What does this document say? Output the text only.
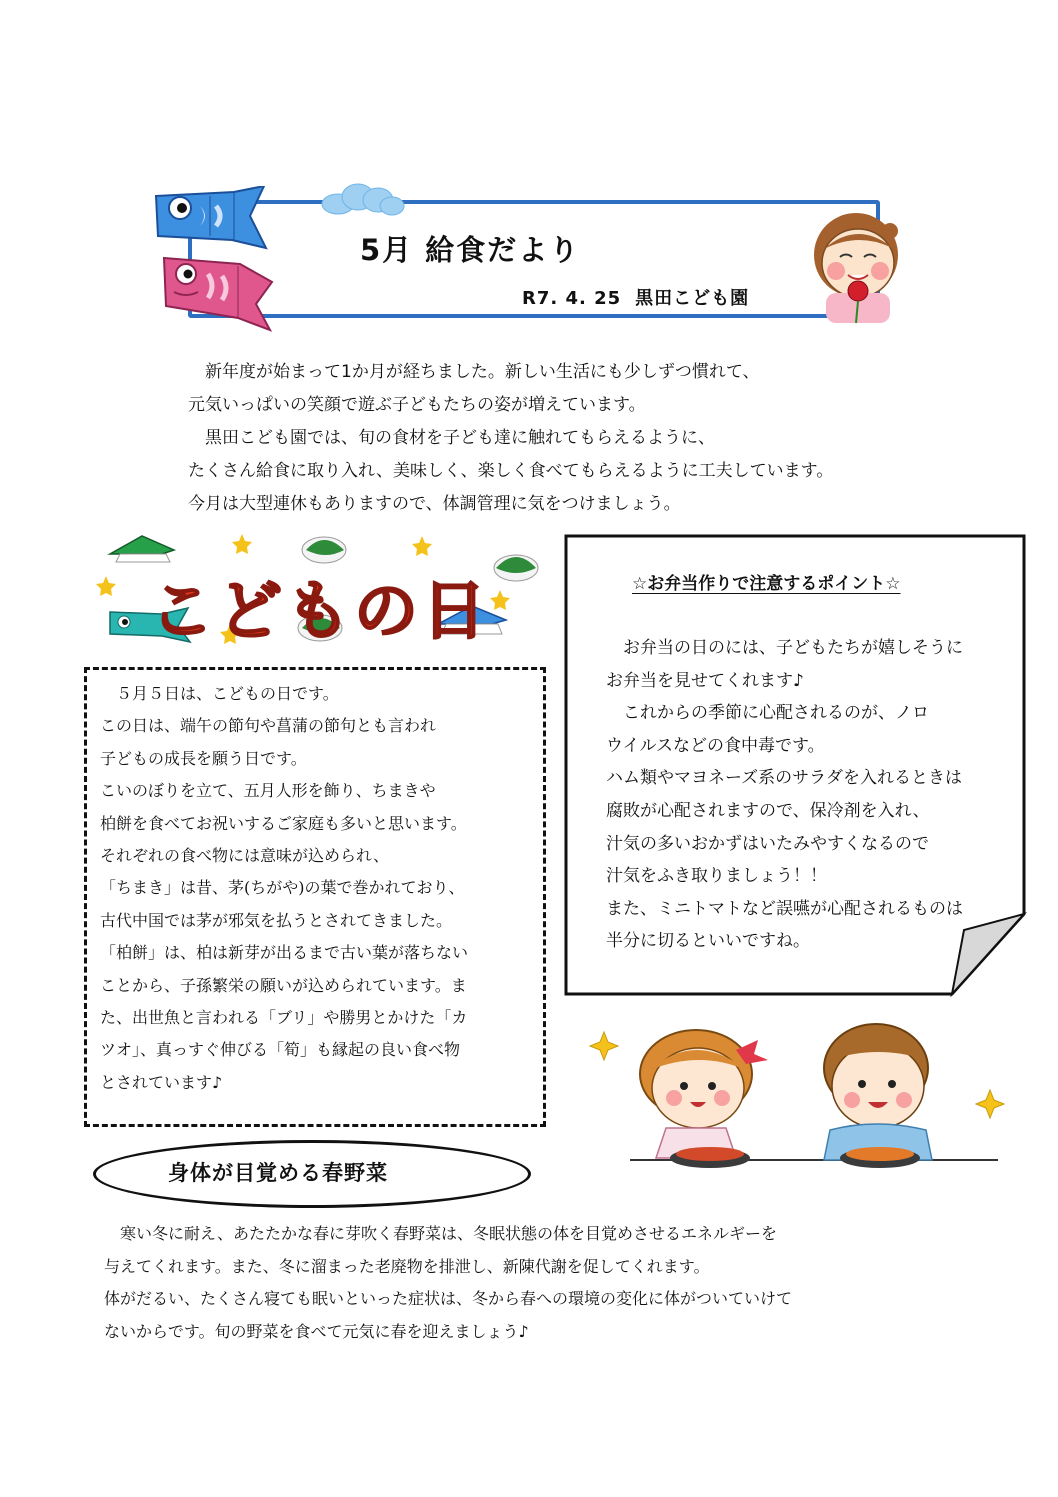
5月 給食だより
R7. 4. 25 黒田こども園

　新年度が始まって1か月が経ちました。新しい生活にも少しずつ慣れて、

元気いっぱいの笑顔で遊ぶ子どもたちの姿が増えています。

　黒田こども園では、旬の食材を子ども達に触れてもらえるように、

たくさん給食に取り入れ、美味しく、楽しく食べてもらえるように工夫しています。

今月は大型連休もありますので、体調管理に気をつけましょう。

こどもの日

　５月５日は、こどもの日です。

この日は、端午の節句や菖蒲の節句とも言われ

子どもの成長を願う日です。

こいのぼりを立て、五月人形を飾り、ちまきや

柏餅を食べてお祝いするご家庭も多いと思います。

それぞれの食べ物には意味が込められ、

「ちまき」は昔、茅(ちがや)の葉で巻かれており、

古代中国では茅が邪気を払うとされてきました。

「柏餅」は、柏は新芽が出るまで古い葉が落ちない

ことから、子孫繁栄の願いが込められています。ま

た、出世魚と言われる「ブリ」や勝男とかけた「カ

ツオ」、真っすぐ伸びる「筍」も縁起の良い食べ物

とされています♪

☆お弁当作りで注意するポイント☆

　お弁当の日のには、子どもたちが嬉しそうに

お弁当を見せてくれます♪

　これからの季節に心配されるのが、ノロ

ウイルスなどの食中毒です。

ハム類やマヨネーズ系のサラダを入れるときは

腐敗が心配されますので、保冷剤を入れ、

汁気の多いおかずはいたみやすくなるので

汁気をふき取りましょう！！

また、ミニトマトなど誤嚥が心配されるものは

半分に切るといいですね。

身体が目覚める春野菜

　寒い冬に耐え、あたたかな春に芽吹く春野菜は、冬眠状態の体を目覚めさせるエネルギーを

与えてくれます。また、冬に溜まった老廃物を排泄し、新陳代謝を促してくれます。

体がだるい、たくさん寝ても眠いといった症状は、冬から春への環境の変化に体がついていけて

ないからです。旬の野菜を食べて元気に春を迎えましょう♪
